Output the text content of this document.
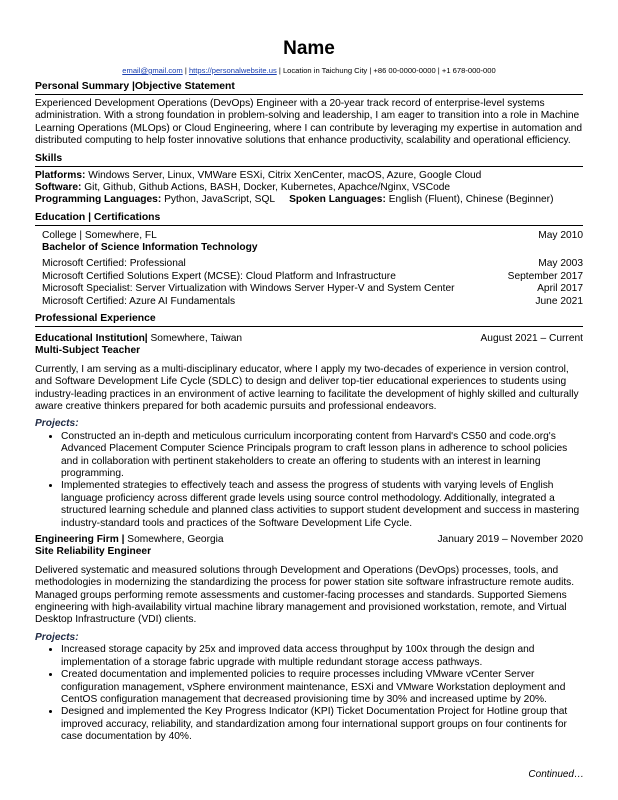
Name
email@gmail.com | https://personalwebsite.us | Location in Taichung City | +86 00-0000-0000 | +1 678-000-000
Personal Summary |Objective Statement
Experienced Development Operations (DevOps) Engineer with a 20-year track record of enterprise-level systems administration. With a strong foundation in problem-solving and leadership, I am eager to transition into a role in Machine Learning Operations (MLOps) or Cloud Engineering, where I can contribute by leveraging my expertise in automation and distributed computing to help foster innovative solutions that enhance productivity, scalability and operational efficiency.
Skills
Platforms: Windows Server, Linux, VMWare ESXi, Citrix XenCenter, macOS, Azure, Google Cloud
Software: Git, Github, Github Actions, BASH, Docker, Kubernetes, Apachce/Nginx, VSCode
Programming Languages: Python, JavaScript, SQL Spoken Languages: English (Fluent), Chinese (Beginner)
Education | Certifications
College | Somewhere, FL	May 2010
Bachelor of Science Information Technology
Microsoft Certified: Professional	May 2003
Microsoft Certified Solutions Expert (MCSE): Cloud Platform and Infrastructure	September 2017
Microsoft Specialist: Server Virtualization with Windows Server Hyper-V and System Center	April 2017
Microsoft Certified: Azure AI Fundamentals	June 2021
Professional Experience
Educational Institution| Somewhere, Taiwan	August 2021 – Current
Multi-Subject Teacher
Currently, I am serving as a multi-disciplinary educator, where I apply my two-decades of experience in version control, and Software Development Life Cycle (SDLC) to design and deliver top-tier educational experiences to students using industry-leading practices in an environment of active learning to facilitate the development of highly skilled and culturally aware creative thinkers prepared for both academic pursuits and professional endeavors.
Projects:
• Constructed an in-depth and meticulous curriculum incorporating content from Harvard's CS50 and code.org's Advanced Placement Computer Science Principals program to craft lesson plans in adherence to school policies and in collaboration with pertinent stakeholders to create an offering to students with an interest in learning programming.
• Implemented strategies to effectively teach and assess the progress of students with varying levels of English language proficiency across different grade levels using source control methodology. Additionally, integrated a structured learning schedule and planned class activities to support student development and success in mastering industry-standard tools and practices of the Software Development Life Cycle.
Engineering Firm | Somewhere, Georgia	January 2019 – November 2020
Site Reliability Engineer
Delivered systematic and measured solutions through Development and Operations (DevOps) processes, tools, and methodologies in modernizing the standardizing the process for power station site software infrastructure remote audits. Managed groups performing remote assessments and customer-facing processes and standards. Supported Siemens engineering with high-availability virtual machine library management and provisioned workstation, remote, and Virtual Desktop Infrastructure (VDI) clients.
Projects:
• Increased storage capacity by 25x and improved data access throughput by 100x through the design and implementation of a storage fabric upgrade with multiple redundant storage access pathways.
• Created documentation and implemented policies to require processes including VMware vCenter Server configuration management, vSphere environment maintenance, ESXi and VMware Workstation deployment and CentOS configuration management that decreased provisioning time by 30% and increased uptime by 20%.
• Designed and implemented the Key Progress Indicator (KPI) Ticket Documentation Project for Hotline group that improved accuracy, reliability, and standardization among four international support groups on four continents for case documentation by 40%.
Continued…
